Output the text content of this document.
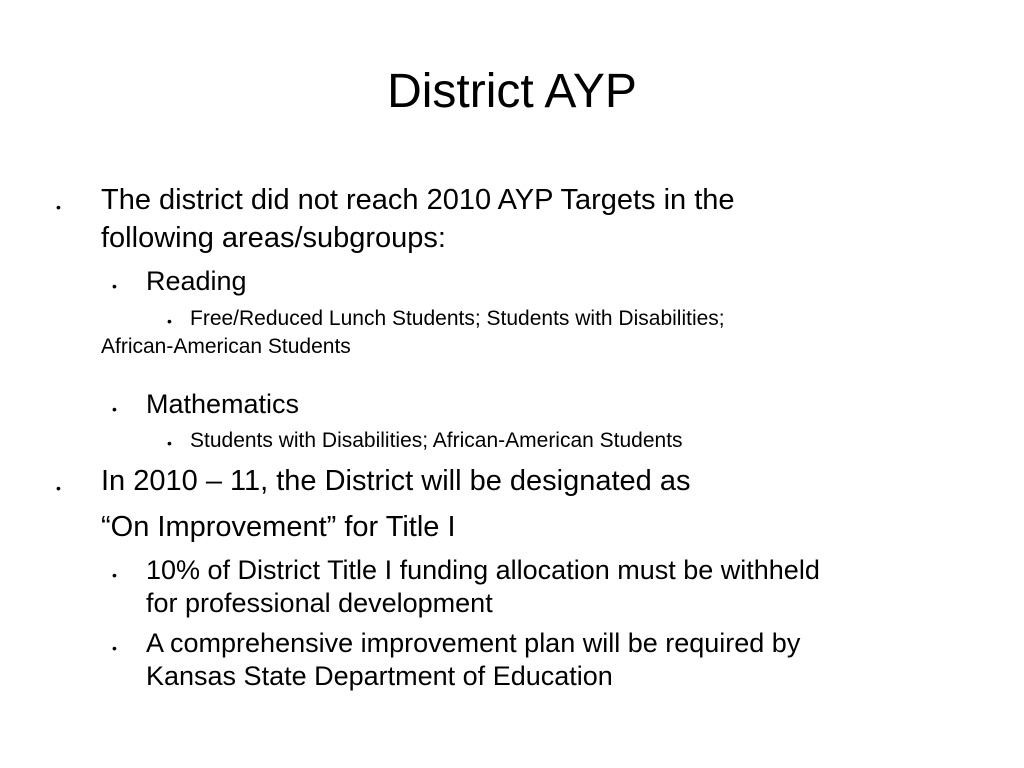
District AYP
• The district did not reach 2010 AYP Targets in the

following areas/subgroups:

• Reading

• Free/Reduced Lunch Students; Students with Disabilities;

African-American Students

• Mathematics

• Students with Disabilities; African-American Students

• In 2010 – 11, the District will be designated as

“On Improvement” for Title I

• 10% of District Title I funding allocation must be withheld

for professional development

• A comprehensive improvement plan will be required by

Kansas State Department of Education
